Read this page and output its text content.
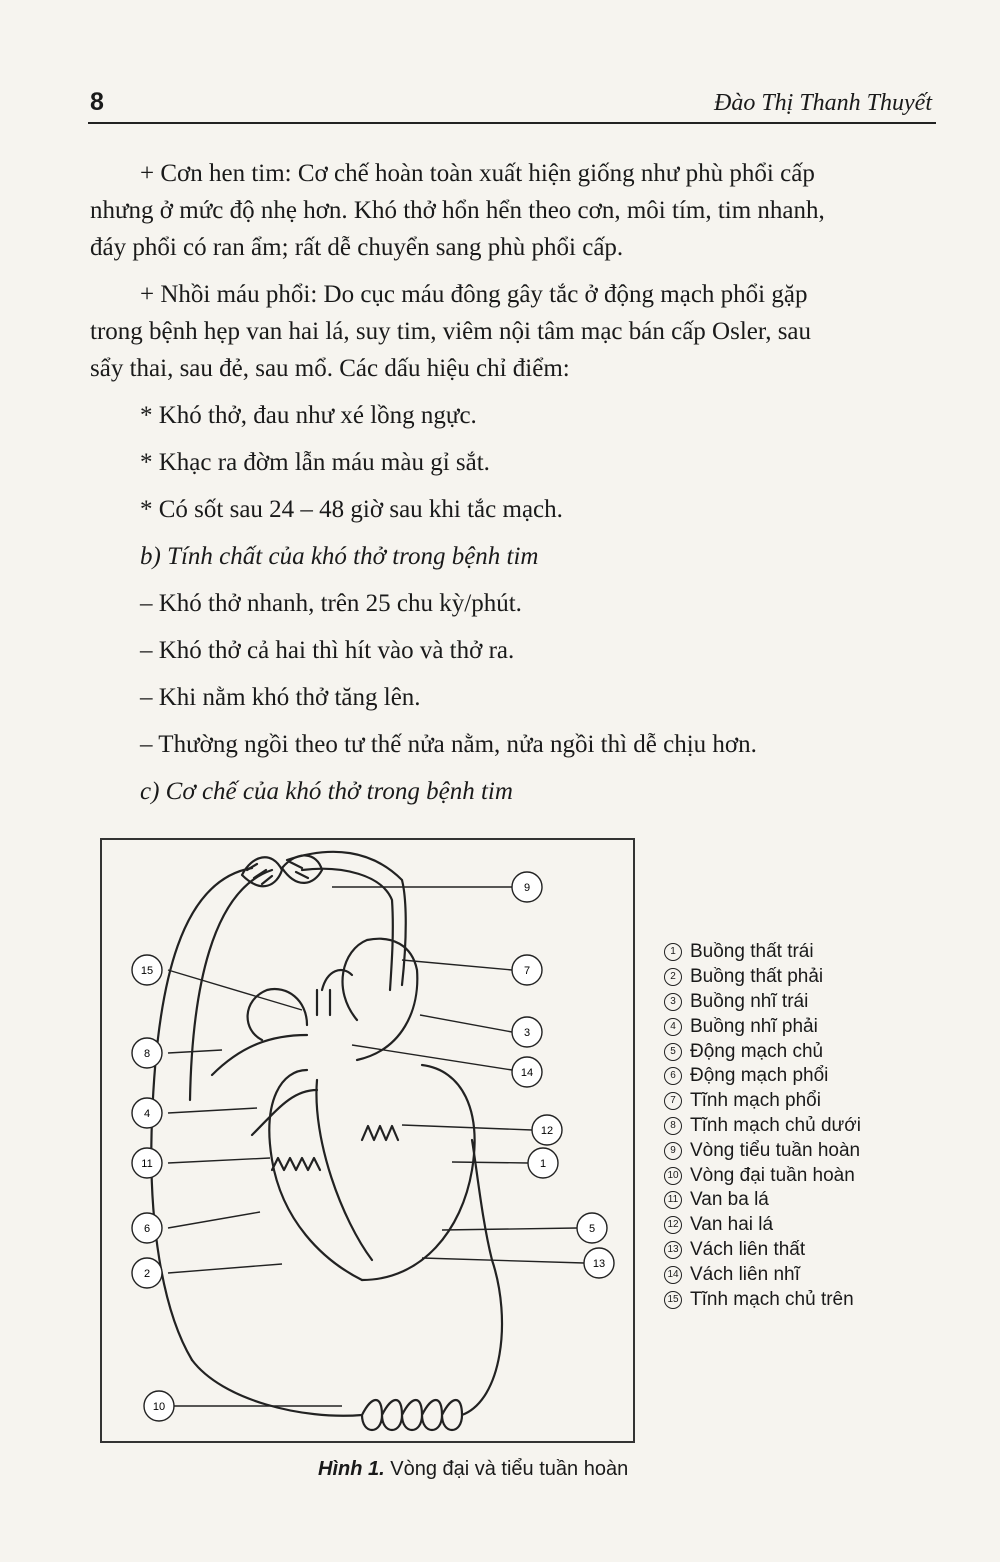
8	Đào Thị Thanh Thuyết

+ Cơn hen tim: Cơ chế hoàn toàn xuất hiện giống như phù phổi cấp
nhưng ở mức độ nhẹ hơn. Khó thở hổn hển theo cơn, môi tím, tim nhanh,
đáy phổi có ran ẩm; rất dễ chuyển sang phù phổi cấp.

+ Nhồi máu phổi: Do cục máu đông gây tắc ở động mạch phổi gặp
trong bệnh hẹp van hai lá, suy tim, viêm nội tâm mạc bán cấp Osler, sau
sẩy thai, sau đẻ, sau mổ. Các dấu hiệu chỉ điểm:

* Khó thở, đau như xé lồng ngực.

* Khạc ra đờm lẫn máu màu gỉ sắt.

* Có sốt sau 24 – 48 giờ sau khi tắc mạch.

b) Tính chất của khó thở trong bệnh tim

– Khó thở nhanh, trên 25 chu kỳ/phút.

– Khó thở cả hai thì hít vào và thở ra.

– Khi nằm khó thở tăng lên.

– Thường ngồi theo tư thế nửa nằm, nửa ngồi thì dễ chịu hơn.

c) Cơ chế của khó thở trong bệnh tim

15
8
4
11
6
2
10
9
7
3
14
12
1
5
13
1 Buồng thất trái
2 Buồng thất phải
3 Buồng nhĩ trái
4 Buồng nhĩ phải
5 Động mạch chủ
6 Động mạch phổi
7 Tĩnh mạch phổi
8 Tĩnh mạch chủ dưới
9 Vòng tiểu tuần hoàn
10 Vòng đại tuần hoàn
11 Van ba lá
12 Van hai lá
13 Vách liên thất
14 Vách liên nhĩ
15 Tĩnh mạch chủ trên
Hình 1. Vòng đại và tiểu tuần hoàn
